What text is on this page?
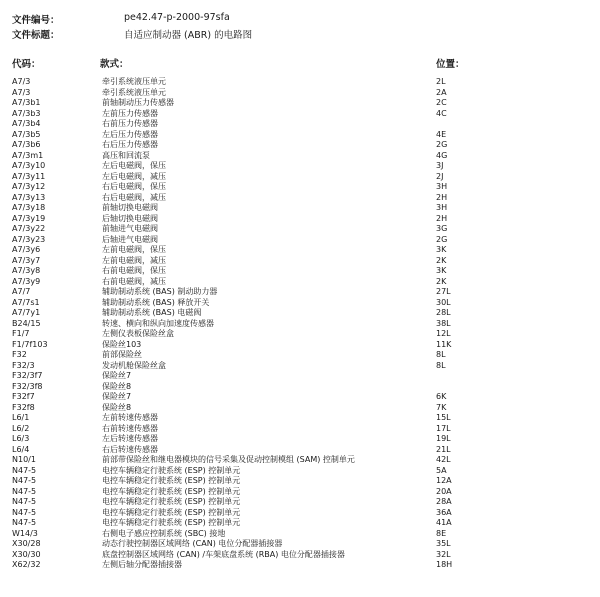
文件编号：	pe42.47-p-2000-97sfa
文件标题：	自适应制动器 (ABR) 的电路图
代码：	款式：	位置：
A7/3	牵引系统液压单元	2L
A7/3	牵引系统液压单元	2A
A7/3b1	前轴制动压力传感器	2C
A7/3b3	左前压力传感器	4C
A7/3b4	右前压力传感器
A7/3b5	左后压力传感器	4E
A7/3b6	右后压力传感器	2G
A7/3m1	高压和回流泵	4G
A7/3y10	左后电磁阀，保压	3J
A7/3y11	左后电磁阀，减压	2J
A7/3y12	右后电磁阀，保压	3H
A7/3y13	右后电磁阀，减压	2H
A7/3y18	前轴切换电磁阀	3H
A7/3y19	后轴切换电磁阀	2H
A7/3y22	前轴进气电磁阀	3G
A7/3y23	后轴进气电磁阀	2G
A7/3y6	左前电磁阀，保压	3K
A7/3y7	左前电磁阀，减压	2K
A7/3y8	右前电磁阀，保压	3K
A7/3y9	右前电磁阀，减压	2K
A7/7	辅助制动系统 (BAS) 制动助力器	27L
A7/7s1	辅助制动系统 (BAS) 释放开关	30L
A7/7y1	辅助制动系统 (BAS) 电磁阀	28L
B24/15	转速、横向和纵向加速度传感器	38L
F1/7	左侧仪表板保险丝盒	12L
F1/7f103	保险丝103	11K
F32	前部保险丝	8L
F32/3	发动机舱保险丝盒	8L
F32/3f7	保险丝7
F32/3f8	保险丝8
F32f7	保险丝7	6K
F32f8	保险丝8	7K
L6/1	左前转速传感器	15L
L6/2	右前转速传感器	17L
L6/3	左后转速传感器	19L
L6/4	右后转速传感器	21L
N10/1	前部带保险丝和继电器模块的信号采集及促动控制模组 (SAM) 控制单元	42L
N47-5	电控车辆稳定行驶系统 (ESP) 控制单元	5A
N47-5	电控车辆稳定行驶系统 (ESP) 控制单元	12A
N47-5	电控车辆稳定行驶系统 (ESP) 控制单元	20A
N47-5	电控车辆稳定行驶系统 (ESP) 控制单元	28A
N47-5	电控车辆稳定行驶系统 (ESP) 控制单元	36A
N47-5	电控车辆稳定行驶系统 (ESP) 控制单元	41A
W14/3	右侧电子感应控制系统 (SBC) 接地	8E
X30/28	动态行驶控制器区域网络 (CAN) 电位分配器插接器	35L
X30/30	底盘控制器区域网络 (CAN) /车架底盘系统 (RBA) 电位分配器插接器	32L
X62/32	左侧后轴分配器插接器	18H
